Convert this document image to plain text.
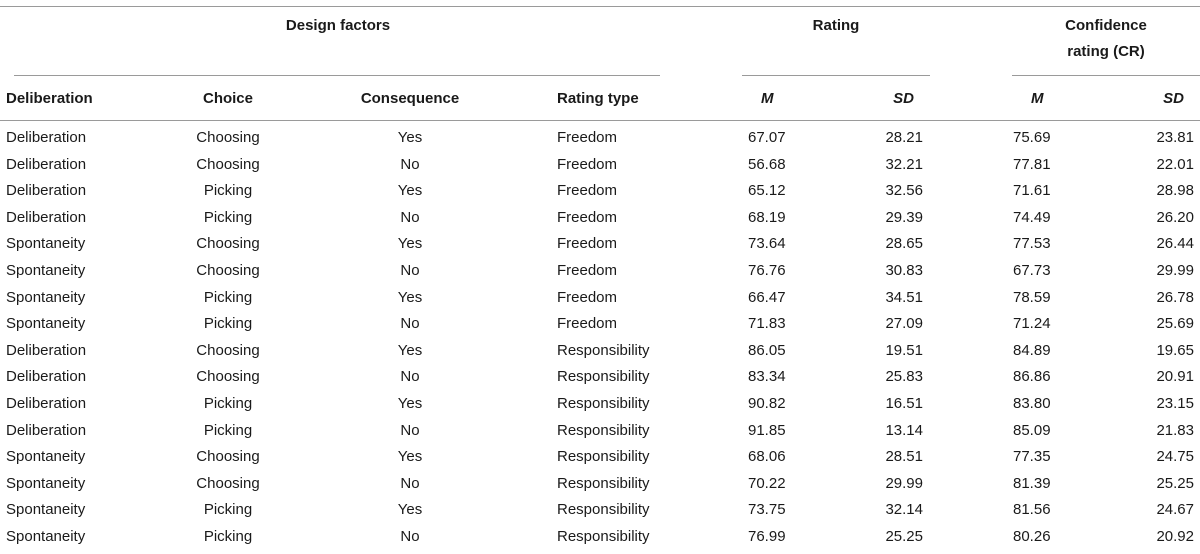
Design factors	Rating	Confidence
rating (CR)
Deliberation	Choice	Consequence	Rating type	M	SD	M	SD
Deliberation	Choosing	Yes	Freedom	67.07	28.21	75.69	23.81
Deliberation	Choosing	No	Freedom	56.68	32.21	77.81	22.01
Deliberation	Picking	Yes	Freedom	65.12	32.56	71.61	28.98
Deliberation	Picking	No	Freedom	68.19	29.39	74.49	26.20
Spontaneity	Choosing	Yes	Freedom	73.64	28.65	77.53	26.44
Spontaneity	Choosing	No	Freedom	76.76	30.83	67.73	29.99
Spontaneity	Picking	Yes	Freedom	66.47	34.51	78.59	26.78
Spontaneity	Picking	No	Freedom	71.83	27.09	71.24	25.69
Deliberation	Choosing	Yes	Responsibility	86.05	19.51	84.89	19.65
Deliberation	Choosing	No	Responsibility	83.34	25.83	86.86	20.91
Deliberation	Picking	Yes	Responsibility	90.82	16.51	83.80	23.15
Deliberation	Picking	No	Responsibility	91.85	13.14	85.09	21.83
Spontaneity	Choosing	Yes	Responsibility	68.06	28.51	77.35	24.75
Spontaneity	Choosing	No	Responsibility	70.22	29.99	81.39	25.25
Spontaneity	Picking	Yes	Responsibility	73.75	32.14	81.56	24.67
Spontaneity	Picking	No	Responsibility	76.99	25.25	80.26	20.92
